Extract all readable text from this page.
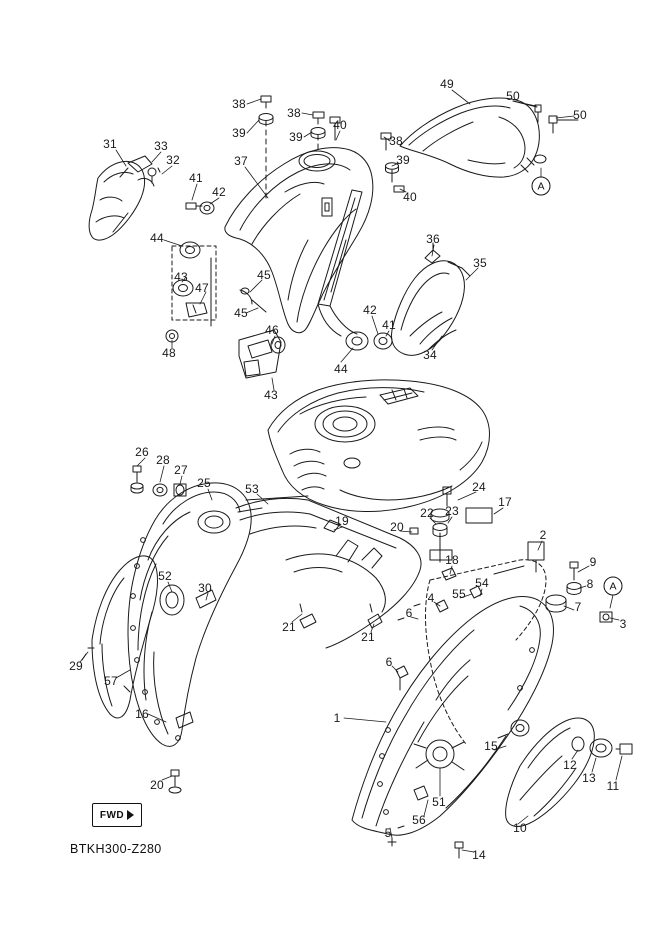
FWD
BTKH300-Z280
38
38
39	39
40
38
39
40
49
50
50
31	33
32	37
41
42
44
43
47
45
45
46
48
43
44
42
41
36
35
34
26
28
27
25	53
19
24
17
23
22
20
2
9
8
18
54
55
4
7
3
6
21
21
6
52
30
29
57
16
20
1
15
12
13
11
51
56
10
5
14
A
A
